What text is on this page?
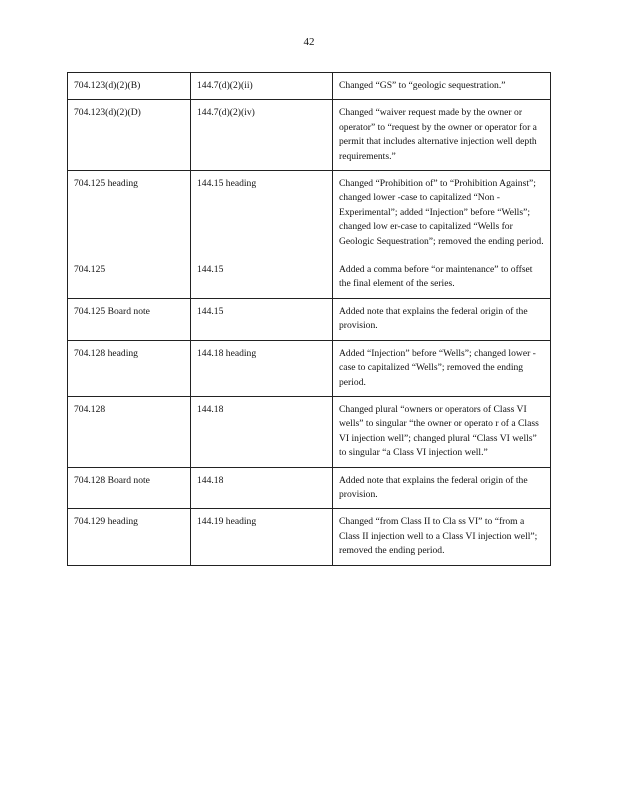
42
704.123(d)(2)(B)	144.7(d)(2)(ii)	Changed “GS” to “geologic sequestration.”
704.123(d)(2)(D)	144.7(d)(2)(iv)	Changed “waiver request made by the owner or operator” to “request by the owner or operator for a permit that includes alternative injection well depth requirements.”
704.125 heading	144.15 heading	Changed “Prohibition of” to “Prohibition Against”; changed lower -case to capitalized “Non -Experimental”; added “Injection” before “Wells”; changed low er-case to capitalized “Wells for Geologic Sequestration”; removed the ending period.
704.125	144.15	Added a comma before “or maintenance” to offset the final element of the series.
704.125 Board note	144.15	Added note that explains the federal origin of the provision.
704.128 heading	144.18 heading	Added “Injection” before “Wells”; changed lower -case to capitalized “Wells”; removed the ending period.
704.128	144.18	Changed plural “owners or operators of Class VI wells” to singular “the owner or operato r of a Class VI injection well”; changed plural “Class VI wells” to singular “a Class VI injection well.”
704.128 Board note	144.18	Added note that explains the federal origin of the provision.
704.129 heading	144.19 heading	Changed “from Class II to Cla ss VI” to “from a Class II injection well to a Class VI injection well”; removed the ending period.
